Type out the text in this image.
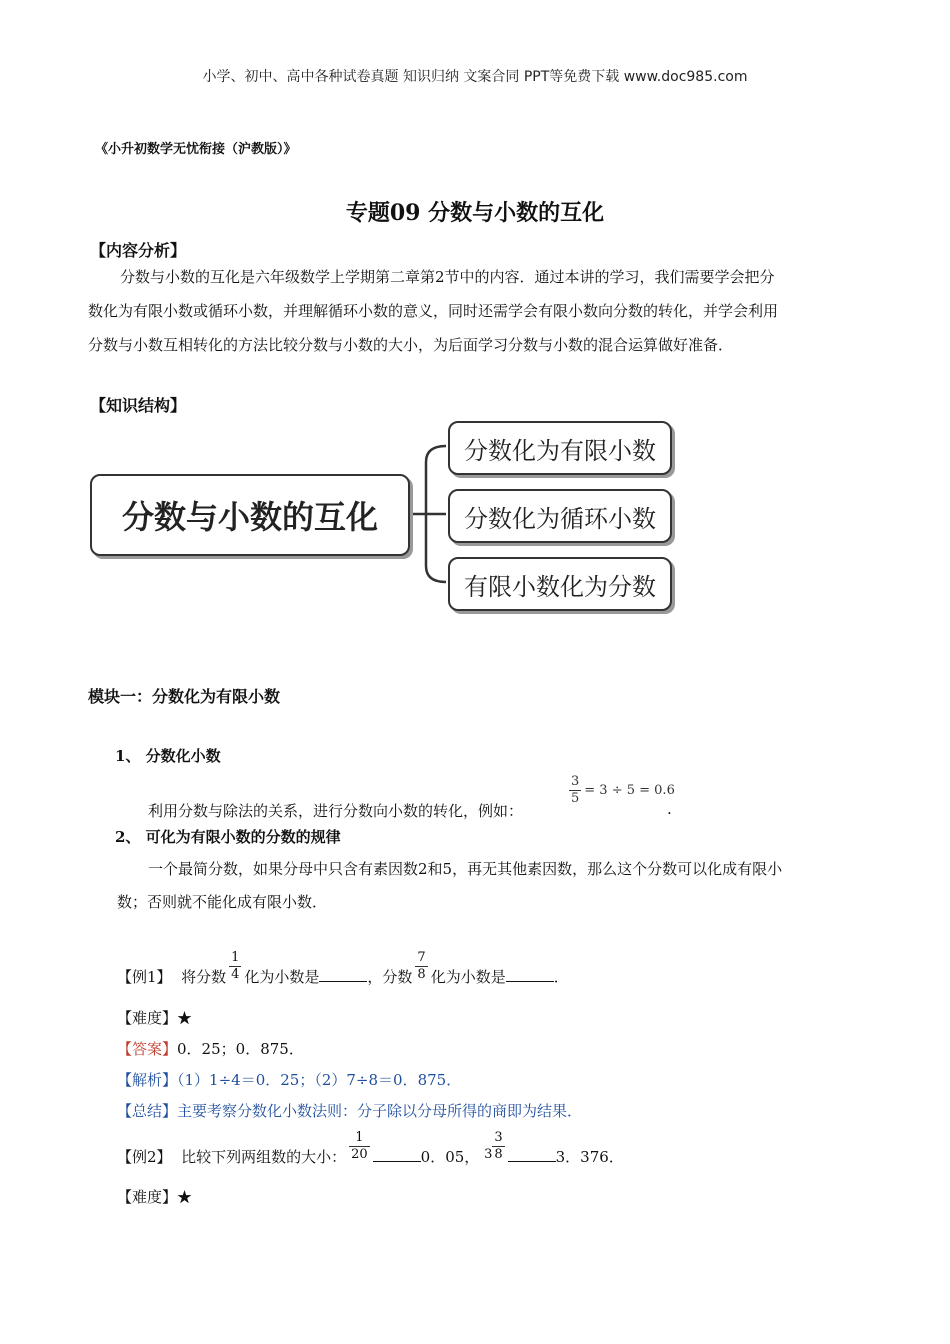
小学、初中、高中各种试卷真题 知识归纳 文案合同 PPT等免费下载 www.doc985.com
《小升初数学无忧衔接（沪教版）》
专题09 分数与小数的互化
【内容分析】
分数与小数的互化是六年级数学上学期第二章第2节中的内容．通过本讲的学习，我们需要学会把分
数化为有限小数或循环小数，并理解循环小数的意义，同时还需学会有限小数向分数的转化，并学会利用
分数与小数互相转化的方法比较分数与小数的大小，为后面学习分数与小数的混合运算做好准备．
【知识结构】
分数与小数的互化
分数化为有限小数
分数化为循环小数
有限小数化为分数
模块一：分数化为有限小数
1、 分数化小数
利用分数与除法的关系，进行分数向小数的转化，例如：
$\frac{3}{5} = 3 \div 5 = 0.6$
.
2、 可化为有限小数的分数的规律
一个最简分数，如果分母中只含有素因数2和5，再无其他素因数，那么这个分数可以化成有限小
数；否则就不能化成有限小数．
【例1】 将分数 $\frac{1}{4}$ 化为小数是	，分数 $\frac{7}{8}$ 化为小数是	．
【难度】★
【答案】0．25；0．875．
【解析】（1）1÷4＝0．25；（2）7÷8＝0．875．
【总结】主要考察分数化小数法则：分子除以分母所得的商即为结果．
【例2】 比较下列两组数的大小： $\frac{1}{20}$	0．05， $3 \frac{3}{8}$	3．376．
【难度】★
